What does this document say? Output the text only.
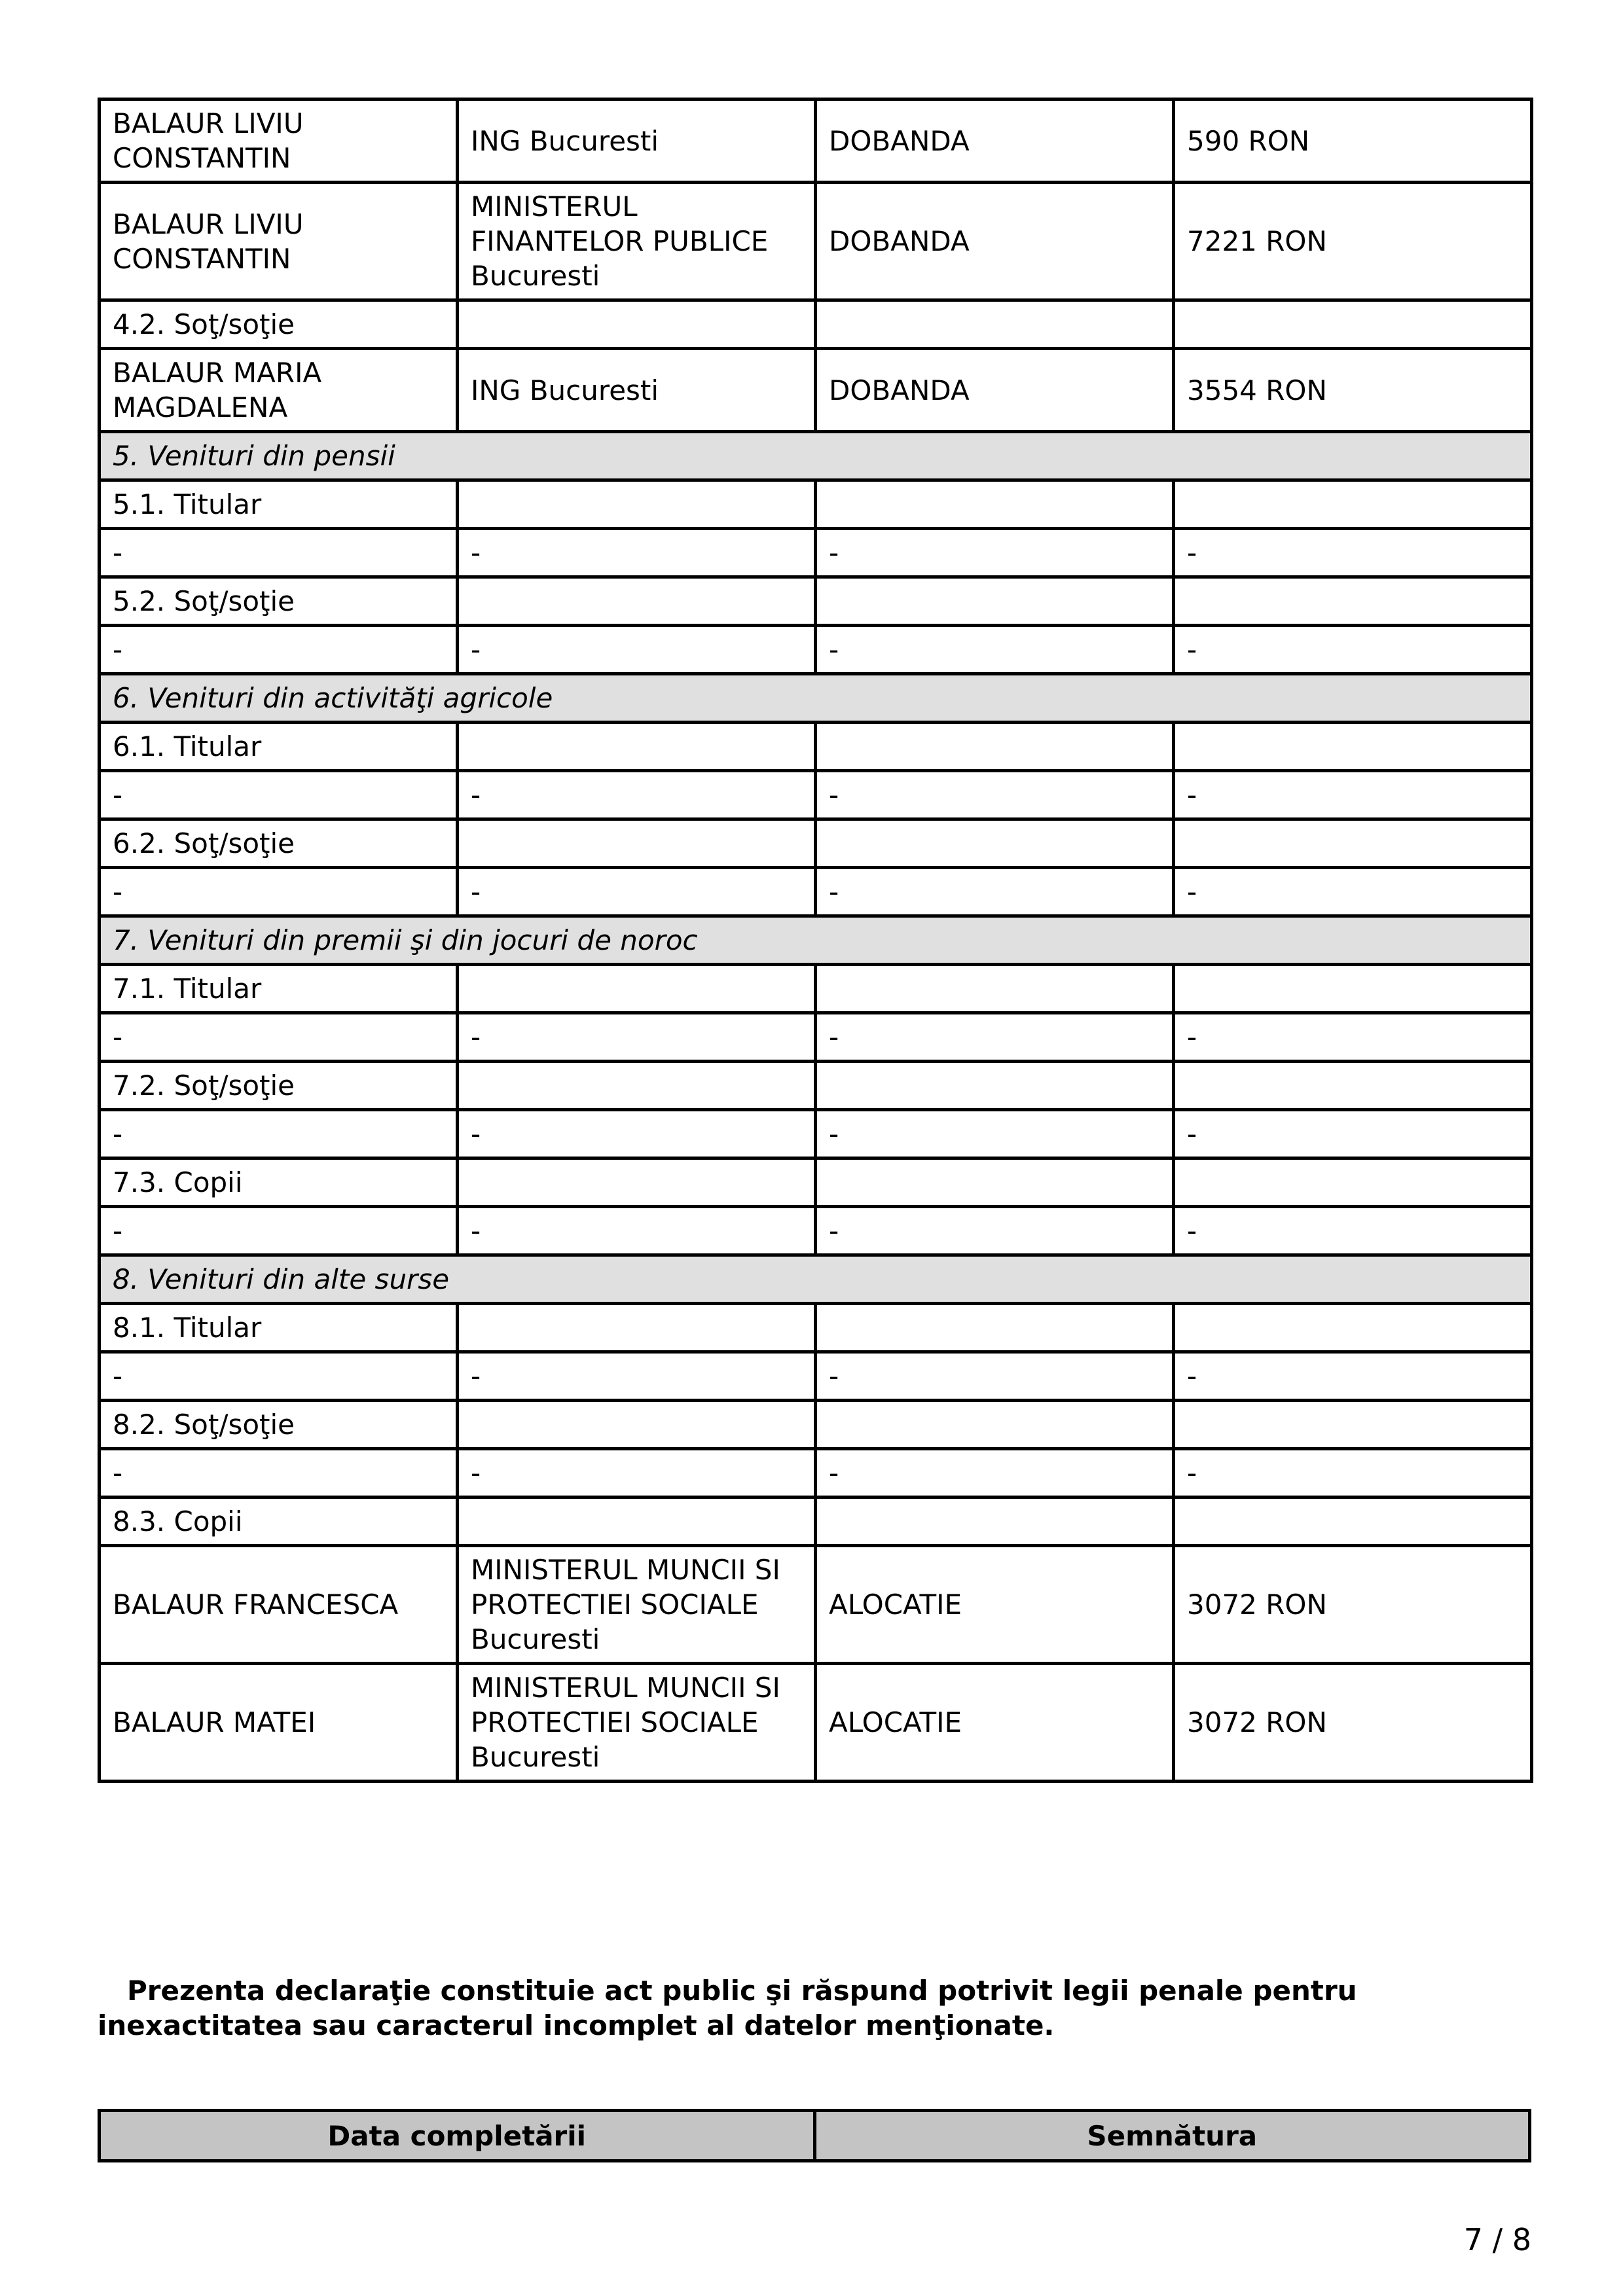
BALAUR LIVIU CONSTANTIN	ING Bucuresti	DOBANDA	590 RON
BALAUR LIVIU CONSTANTIN	MINISTERUL FINANTELOR PUBLICE Bucuresti	DOBANDA	7221 RON
4.2. Soţ/soţie			
BALAUR MARIA MAGDALENA	ING Bucuresti	DOBANDA	3554 RON
5. Venituri din pensii			
5.1. Titular			
-	-	-	-
5.2. Soţ/soţie			
-	-	-	-
6. Venituri din activităţi agricole			
6.1. Titular			
-	-	-	-
6.2. Soţ/soţie			
-	-	-	-
7. Venituri din premii şi din jocuri de noroc			
7.1. Titular			
-	-	-	-
7.2. Soţ/soţie			
-	-	-	-
7.3. Copii			
-	-	-	-
8. Venituri din alte surse			
8.1. Titular			
-	-	-	-
8.2. Soţ/soţie			
-	-	-	-
8.3. Copii			
BALAUR FRANCESCA	MINISTERUL MUNCII SI PROTECTIEI SOCIALE Bucuresti	ALOCATIE	3072 RON
BALAUR MATEI	MINISTERUL MUNCII SI PROTECTIEI SOCIALE Bucuresti	ALOCATIE	3072 RON
Prezenta declaraţie constituie act public şi răspund potrivit legii penale pentru inexactitatea sau caracterul incomplet al datelor menţionate.
Data completării	Semnătura
7 / 8
